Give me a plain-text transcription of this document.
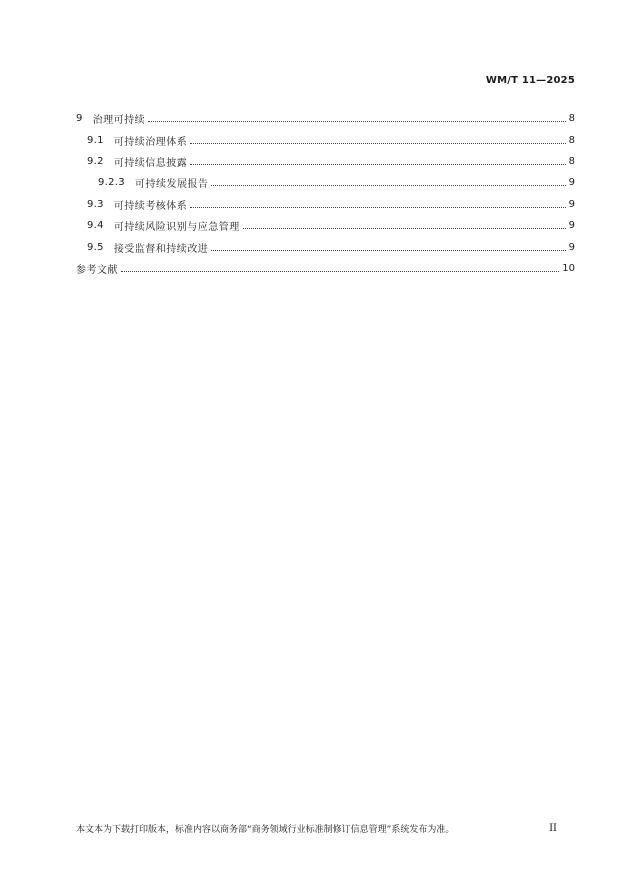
WM/T 11—2025
9 治理可持续	8
9.1 可持续治理体系	8
9.2 可持续信息披露	8
9.2.3 可持续发展报告	9
9.3 可持续考核体系	9
9.4 可持续风险识别与应急管理	9
9.5 接受监督和持续改进	9
参考文献	10
本文本为下载打印版本，标准内容以商务部“商务领域行业标准制修订信息管理”系统发布为准。	II
